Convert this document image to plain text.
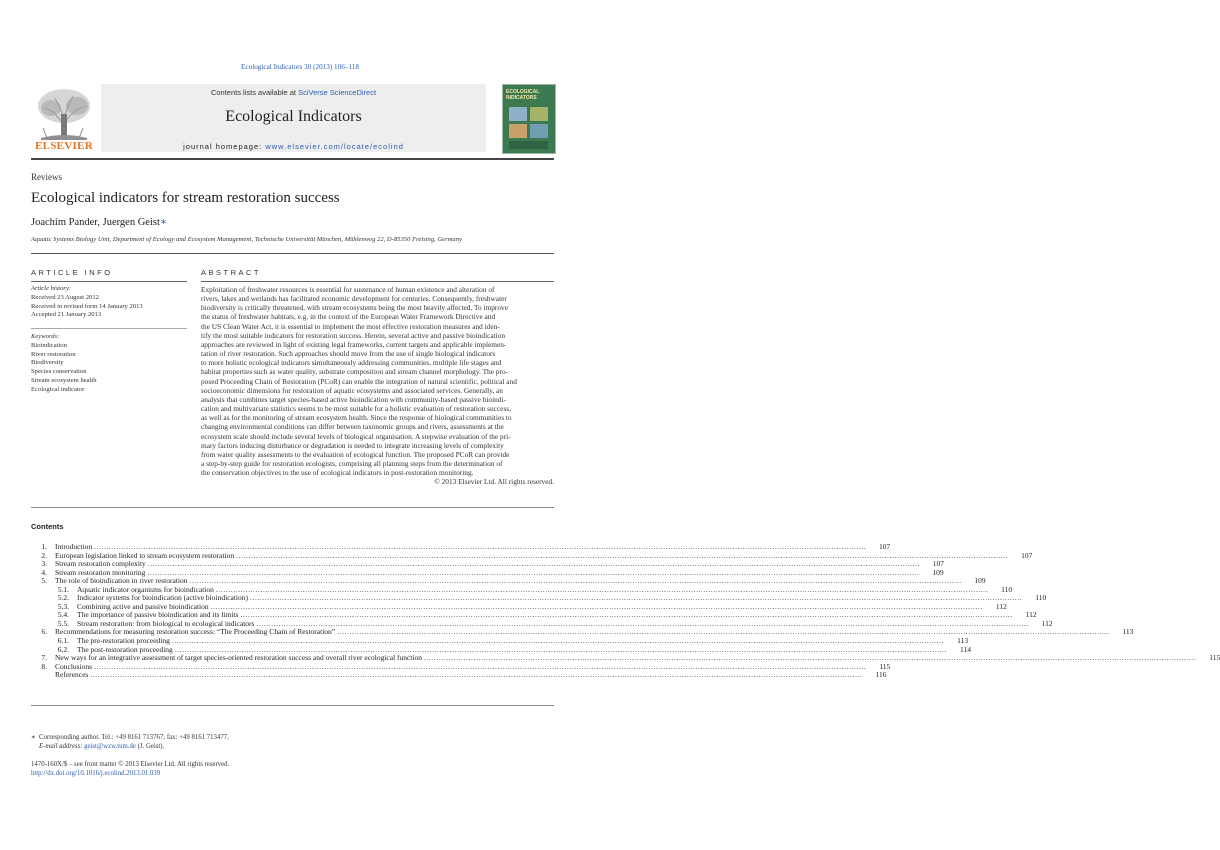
Ecological Indicators 30 (2013) 106–118
ELSEVIER
Contents lists available at SciVerse ScienceDirect
Ecological Indicators
journal homepage: www.elsevier.com/locate/ecolind
ECOLOGICAL INDICATORS
Reviews
Ecological indicators for stream restoration success
Joachim Pander, Juergen Geist∗
Aquatic Systems Biology Unit, Department of Ecology and Ecosystem Management, Technische Universität München, Mühlenweg 22, D-85350 Freising, Germany
ARTICLE INFO	ABSTRACT
Article history:
Received 23 August 2012
Received in revised form 14 January 2013
Accepted 21 January 2013
Keywords:
Bioindication
River restoration
Biodiversity
Species conservation
Stream ecosystem health
Ecological indicator
Exploitation of freshwater resources is essential for sustenance of human existence and alteration of
rivers, lakes and wetlands has facilitated economic development for centuries. Consequently, freshwater
biodiversity is critically threatened, with stream ecosystems being the most heavily affected. To improve
the status of freshwater habitats, e.g. in the context of the European Water Framework Directive and
the US Clean Water Act, it is essential to implement the most effective restoration measures and iden-
tify the most suitable indicators for restoration success. Herein, several active and passive bioindication
approaches are reviewed in light of existing legal frameworks, current targets and applicable implemen-
tation of river restoration. Such approaches should move from the use of single biological indicators
to more holistic ecological indicators simultaneously addressing communities, multiple life stages and
habitat properties such as water quality, substrate composition and stream channel morphology. The pro-
posed Proceeding Chain of Restoration (PCoR) can enable the integration of natural scientific, political and
socioeconomic dimensions for restoration of aquatic ecosystems and associated services. Generally, an
analysis that combines target species-based active bioindication with community-based passive bioindi-
cation and multivariate statistics seems to be most suitable for a holistic evaluation of restoration success,
as well as for the monitoring of stream ecosystem health. Since the response of biological communities to
changing environmental conditions can differ between taxonomic groups and rivers, assessments at the
ecosystem scale should include several levels of biological organisation. A stepwise evaluation of the pri-
mary factors inducing disturbance or degradation is needed to integrate increasing levels of complexity
from water quality assessments to the evaluation of ecological function. The proposed PCoR can provide
a step-by-step guide for restoration ecologists, comprising all planning steps from the determination of
the conservation objectives to the use of ecological indicators in post-restoration monitoring.
© 2013 Elsevier Ltd. All rights reserved.
Contents
1.	Introduction .....	107
2.	European legislation linked to stream ecosystem restoration .....	107
3.	Stream restoration complexity .....	107
4.	Stream restoration monitoring .....	109
5.	The role of bioindication in river restoration .....	109
5.1.	Aquatic indicator organisms for bioindication .....	110
5.2.	Indicator systems for bioindication (active bioindication) .....	110
5.3.	Combining active and passive bioindication .....	112
5.4.	The importance of passive bioindication and its limits .....	112
5.5.	Stream restoration: from biological to ecological indicators .....	112
6.	Recommendations for measuring restoration success: “The Proceeding Chain of Restoration” .....	113
6.1.	The pre-restoration proceeding .....	113
6.2.	The post-restoration proceeding .....	114
7.	New ways for an integrative assessment of target species-oriented restoration success and overall river ecological function .....	115
8.	Conclusions .....	115
References .....	116
∗ Corresponding author. Tel.: +49 8161 713767; fax: +49 8161 713477.
E-mail address: geist@wzw.tum.de (J. Geist).
1470-160X/$ – see front matter © 2013 Elsevier Ltd. All rights reserved.
http://dx.doi.org/10.1016/j.ecolind.2013.01.039
